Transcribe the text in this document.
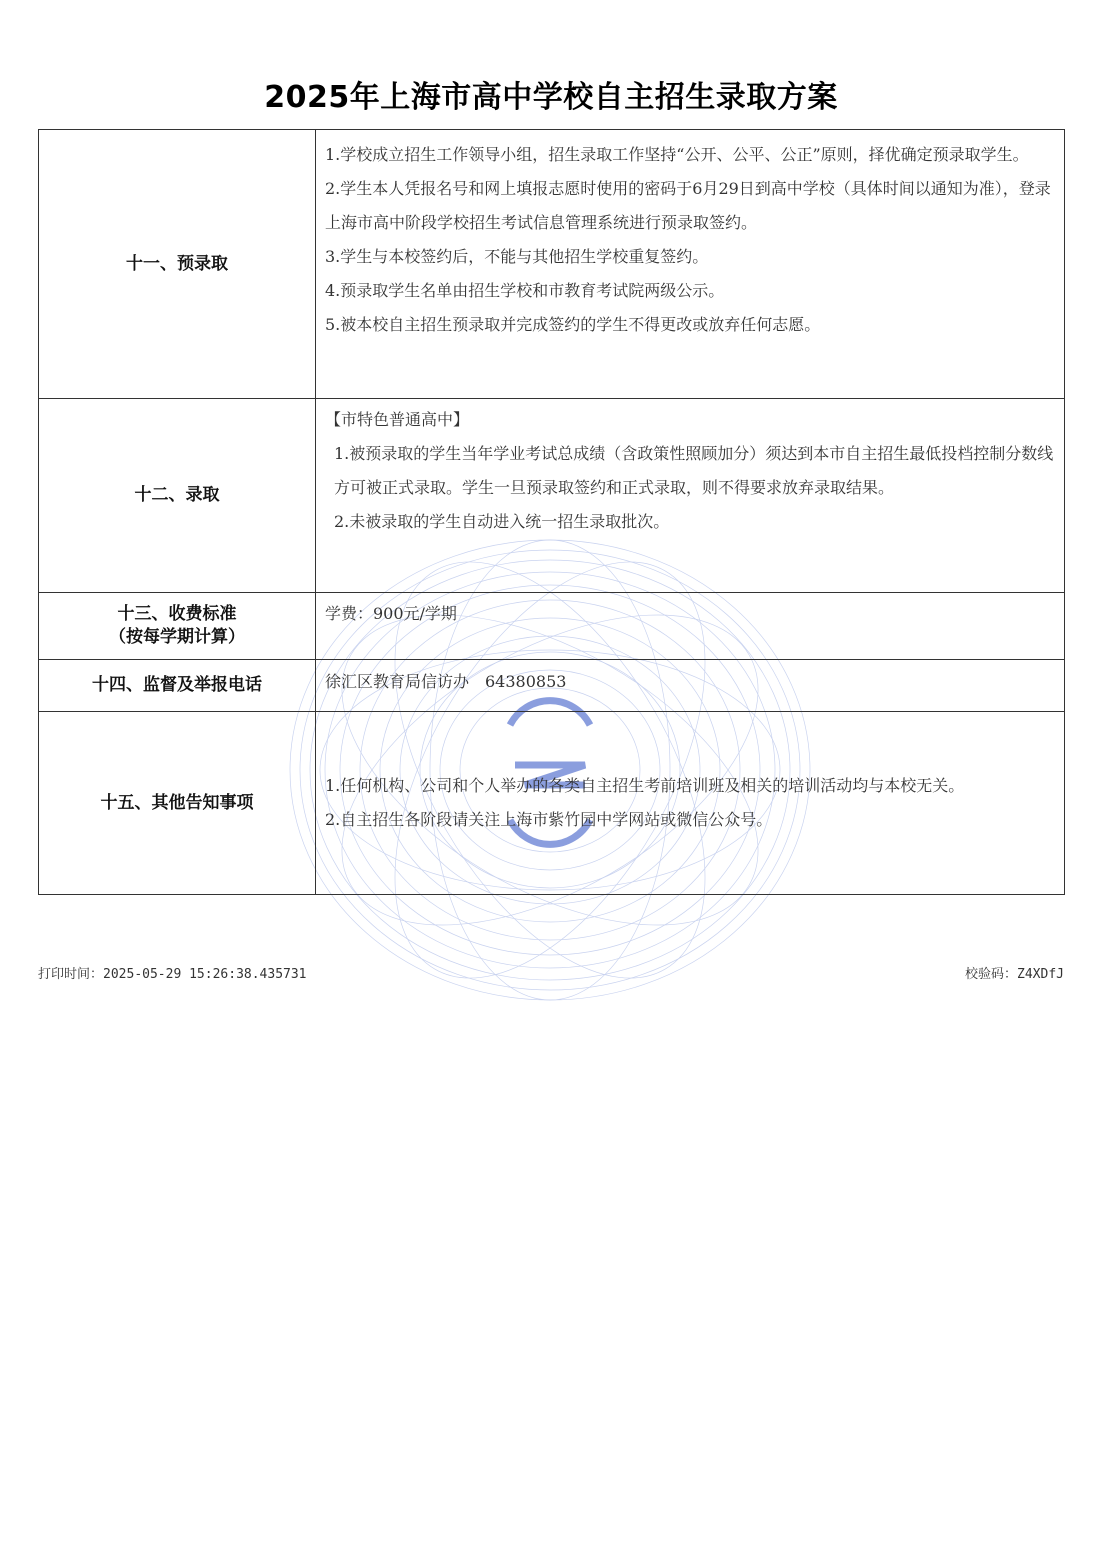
2025年上海市高中学校自主招生录取方案
十一、预录取	1.学校成立招生工作领导小组，招生录取工作坚持“公开、公平、公正”原则，择优确定预录取学生。

2.学生本人凭报名号和网上填报志愿时使用的密码于6月29日到高中学校（具体时间以通知为准），登录上海市高中阶段学校招生考试信息管理系统进行预录取签约。

3.学生与本校签约后，不能与其他招生学校重复签约。

4.预录取学生名单由招生学校和市教育考试院两级公示。

5.被本校自主招生预录取并完成签约的学生不得更改或放弃任何志愿。

十二、录取	【市特色普通高中】

1.被预录取的学生当年学业考试总成绩（含政策性照顾加分）须达到本市自主招生最低投档控制分数线方可被正式录取。学生一旦预录取签约和正式录取，则不得要求放弃录取结果。

2.未被录取的学生自动进入统一招生录取批次。

十三、收费标准
（按每学期计算）	学费：900元/学期

十四、监督及举报电话	徐汇区教育局信访办　64380853

十五、其他告知事项	1.任何机构、公司和个人举办的各类自主招生考前培训班及相关的培训活动均与本校无关。

2.自主招生各阶段请关注上海市紫竹园中学网站或微信公众号。

打印时间：2025-05-29 15:26:38.435731	校验码：Z4XDfJ
